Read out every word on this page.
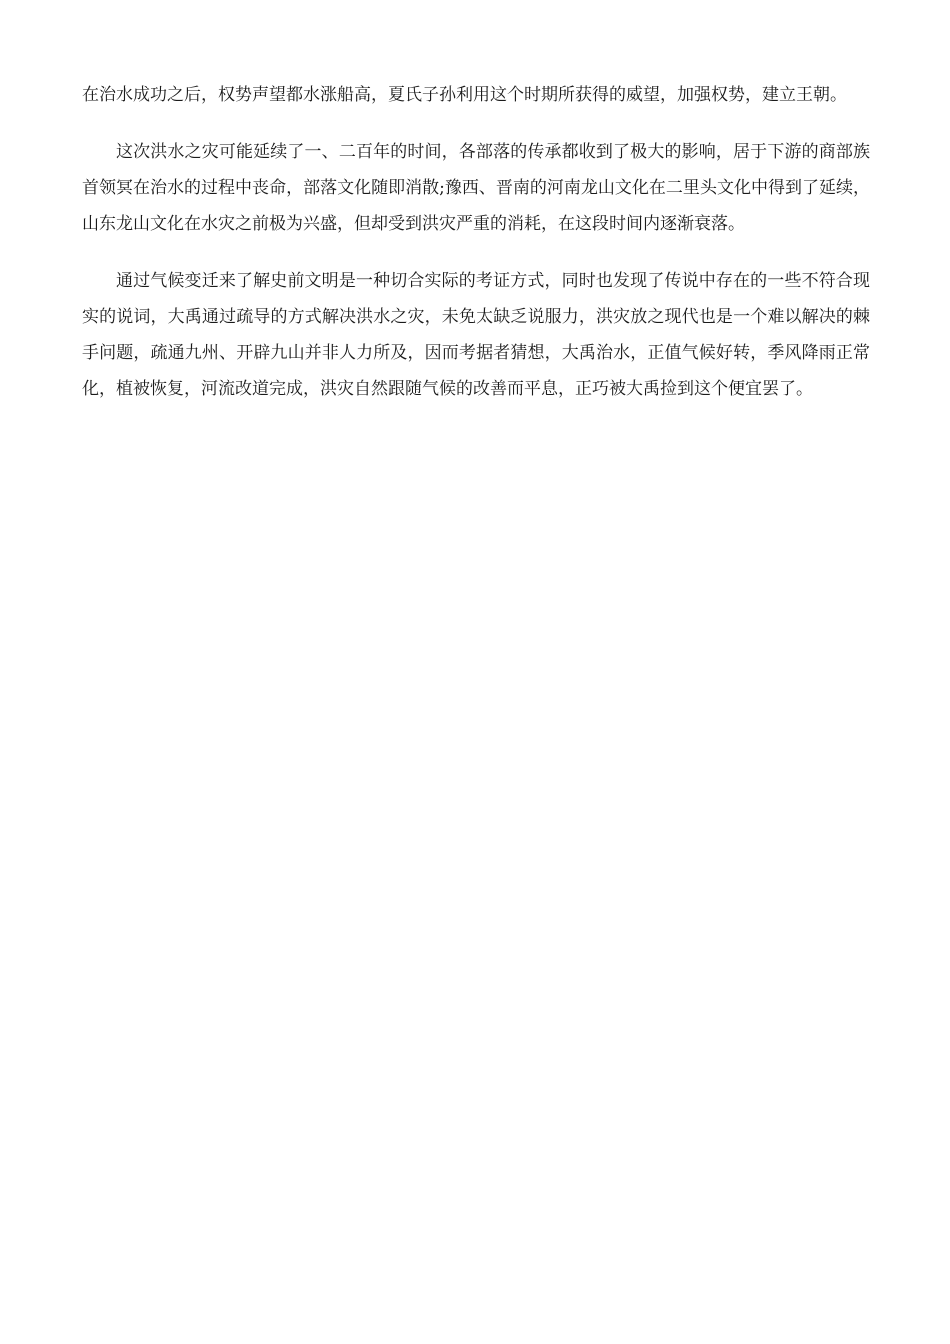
在治水成功之后，权势声望都水涨船高，夏氏子孙利用这个时期所获得的威望，加强权势，建立王朝。

这次洪水之灾可能延续了一、二百年的时间，各部落的传承都收到了极大的影响，居于下游的商部族首领冥在治水的过程中丧命，部落文化随即消散;豫西、晋南的河南龙山文化在二里头文化中得到了延续，山东龙山文化在水灾之前极为兴盛，但却受到洪灾严重的消耗，在这段时间内逐渐衰落。

通过气候变迁来了解史前文明是一种切合实际的考证方式，同时也发现了传说中存在的一些不符合现实的说词，大禹通过疏导的方式解决洪水之灾，未免太缺乏说服力，洪灾放之现代也是一个难以解决的棘手问题，疏通九州、开辟九山并非人力所及，因而考据者猜想，大禹治水，正值气候好转，季风降雨正常化，植被恢复，河流改道完成，洪灾自然跟随气候的改善而平息，正巧被大禹捡到这个便宜罢了。
